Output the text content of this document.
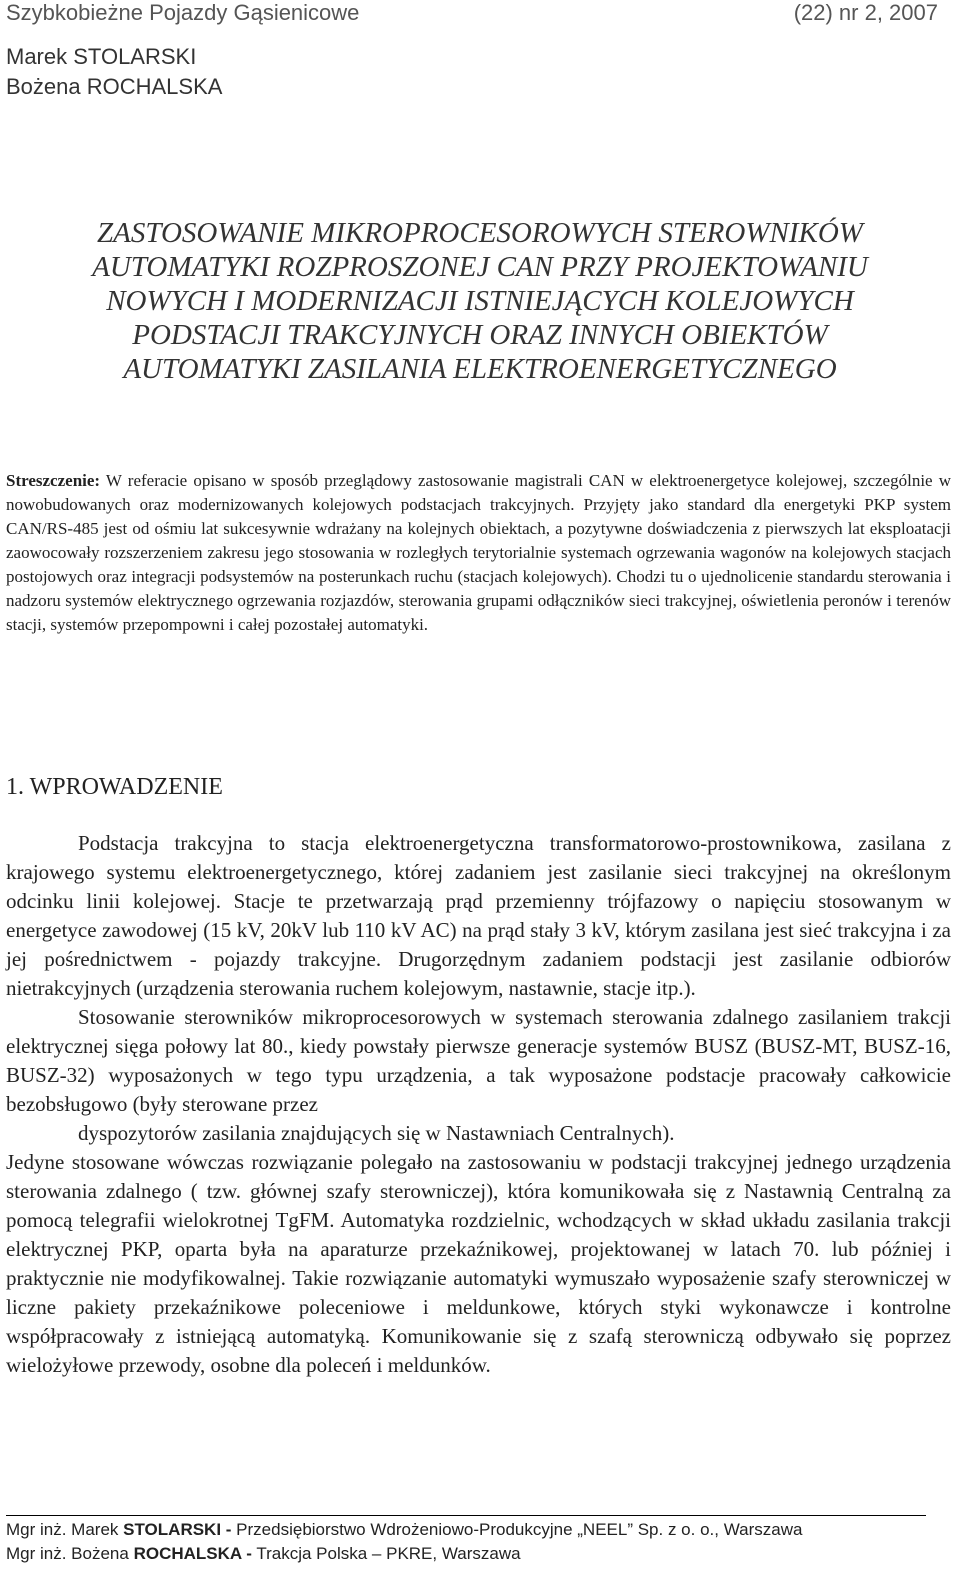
Szybkobieżne Pojazdy Gąsienicowe	(22) nr 2, 2007
Marek STOLARSKI
Bożena ROCHALSKA
ZASTOSOWANIE MIKROPROCESOROWYCH STEROWNIKÓW
AUTOMATYKI ROZPROSZONEJ CAN PRZY PROJEKTOWANIU
NOWYCH I MODERNIZACJI ISTNIEJĄCYCH KOLEJOWYCH
PODSTACJI TRAKCYJNYCH ORAZ INNYCH OBIEKTÓW
AUTOMATYKI ZASILANIA ELEKTROENERGETYCZNEGO
Streszczenie: W referacie opisano w sposób przeglądowy zastosowanie magistrali CAN w elektroenergetyce kolejowej, szczególnie w nowobudowanych oraz modernizowanych kolejowych podstacjach trakcyjnych. Przyjęty jako standard dla energetyki PKP system CAN/RS-485 jest od ośmiu lat sukcesywnie wdrażany na kolejnych obiektach, a pozytywne doświadczenia z pierwszych lat eksploatacji zaowocowały rozszerzeniem zakresu jego stosowania w rozległych terytorialnie systemach ogrzewania wagonów na kolejowych stacjach postojowych oraz integracji podsystemów na posterunkach ruchu (stacjach kolejowych). Chodzi tu o ujednolicenie standardu sterowania i nadzoru systemów elektrycznego ogrzewania rozjazdów, sterowania grupami odłączników sieci trakcyjnej, oświetlenia peronów i terenów stacji, systemów przepompowni i całej pozostałej automatyki.
1. WPROWADZENIE

Podstacja trakcyjna to stacja elektroenergetyczna transformatorowo-prostownikowa, zasilana z krajowego systemu elektroenergetycznego, której zadaniem jest zasilanie sieci trakcyjnej na określonym odcinku linii kolejowej. Stacje te przetwarzają prąd przemienny trójfazowy o napięciu stosowanym w energetyce zawodowej (15 kV, 20kV lub 110 kV AC) na prąd stały 3 kV, którym zasilana jest sieć trakcyjna i za jej pośrednictwem - pojazdy trakcyjne. Drugorzędnym zadaniem podstacji jest zasilanie odbiorów nietrakcyjnych (urządzenia sterowania ruchem kolejowym, nastawnie, stacje itp.).

Stosowanie sterowników mikroprocesorowych w systemach sterowania zdalnego zasilaniem trakcji elektrycznej sięga połowy lat 80., kiedy powstały pierwsze generacje systemów BUSZ (BUSZ-MT, BUSZ-16, BUSZ-32) wyposażonych w tego typu urządzenia, a tak wyposażone podstacje pracowały całkowicie bezobsługowo (były sterowane przez

dyspozytorów zasilania znajdujących się w Nastawniach Centralnych).

Jedyne stosowane wówczas rozwiązanie polegało na zastosowaniu w podstacji trakcyjnej jednego urządzenia sterowania zdalnego ( tzw. głównej szafy sterowniczej), która komunikowała się z Nastawnią Centralną za pomocą telegrafii wielokrotnej TgFM. Automatyka rozdzielnic, wchodzących w skład układu zasilania trakcji elektrycznej PKP, oparta była na aparaturze przekaźnikowej, projektowanej w latach 70. lub później i praktycznie nie modyfikowalnej. Takie rozwiązanie automatyki wymuszało wyposażenie szafy sterowniczej w liczne pakiety przekaźnikowe poleceniowe i meldunkowe, których styki wykonawcze i kontrolne współpracowały z istniejącą automatyką. Komunikowanie się z szafą sterowniczą odbywało się poprzez wielożyłowe przewody, osobne dla poleceń i meldunków.

Mgr inż. Marek STOLARSKI - Przedsiębiorstwo Wdrożeniowo-Produkcyjne „NEEL” Sp. z o. o., Warszawa
Mgr inż. Bożena ROCHALSKA - Trakcja Polska – PKRE, Warszawa
